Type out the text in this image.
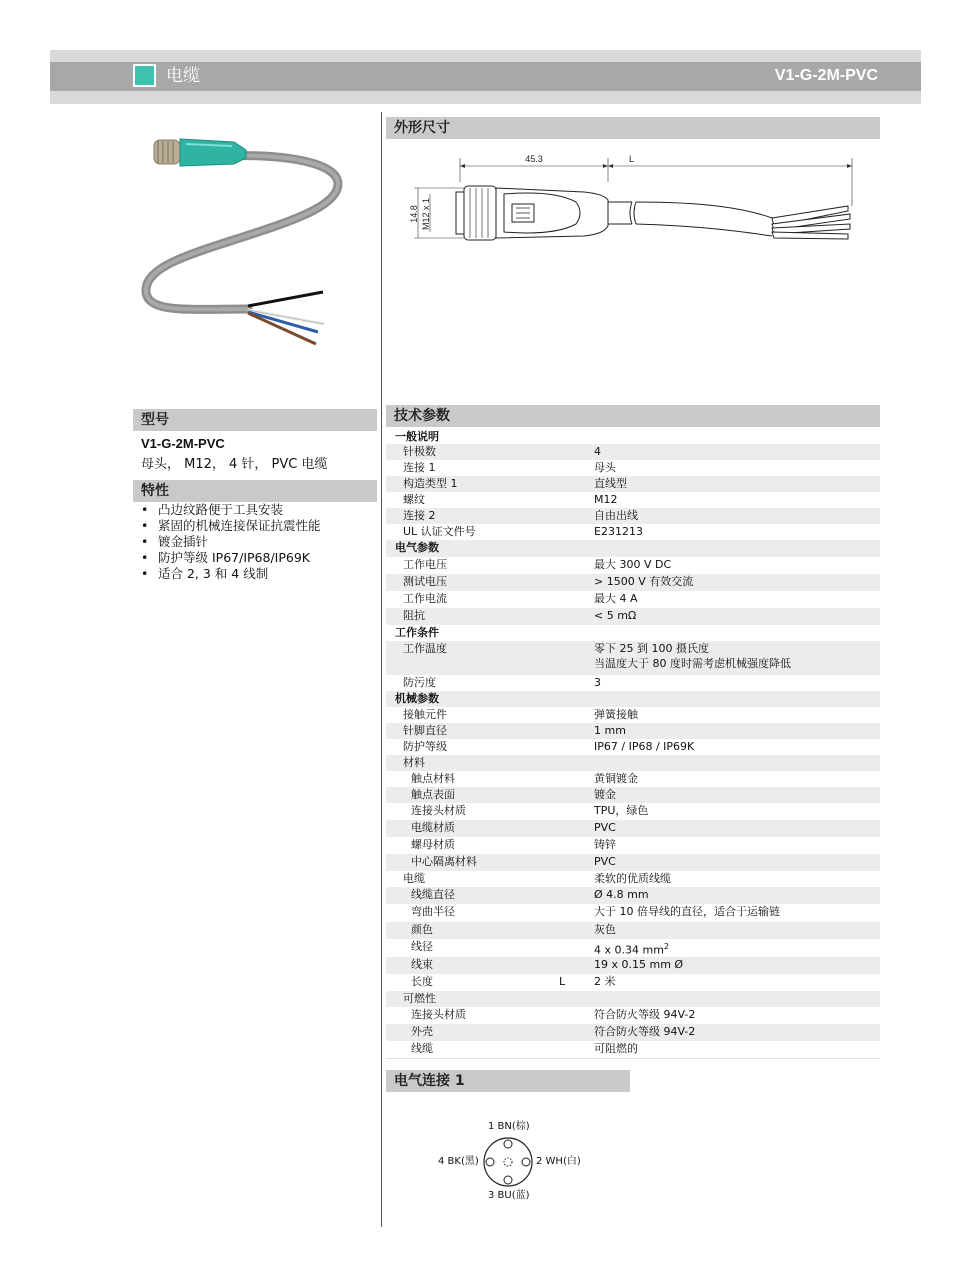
电缆	V1-G-2M-PVC
型号
V1-G-2M-PVC
母头， M12， 4 针， PVC 电缆
特性
• 凸边纹路便于工具安装
• 紧固的机械连接保证抗震性能
• 镀金插针
• 防护等级 IP67/IP68/IP69K
• 适合 2, 3 和 4 线制
外形尺寸
45.3	L
14.8 M12 x 1
技术参数
一般说明
针极数	4
连接 1	母头
构造类型 1	直线型
螺纹	M12
连接 2	自由出线
UL 认证文件号	E231213
电气参数
工作电压	最大 300 V DC
测试电压	> 1500 V 有效交流
工作电流	最大 4 A
阻抗	< 5 mΩ
工作条件
工作温度	零下 25 到 100 摄氏度
当温度大于 80 度时需考虑机械强度降低
防污度	3
机械参数
接触元件	弹簧接触
针脚直径	1 mm
防护等级	IP67 / IP68 / IP69K
材料
触点材料	黄铜镀金
触点表面	镀金
连接头材质	TPU，绿色
电缆材质	PVC
螺母材质	铸锌
中心隔离材料	PVC
电缆	柔软的优质线缆
线缆直径	Ø 4.8 mm
弯曲半径	大于 10 倍导线的直径，适合于运输链
颜色	灰色
线径	4 x 0.34 $mm^2$
线束	19 x 0.15 mm Ø
长度	L	2 米
可燃性
连接头材质	符合防火等级 94V-2
外壳	符合防火等级 94V-2
线缆	可阻燃的
电气连接 1
1 BN(棕)
2 WH(白)
3 BU(蓝)
4 BK(黑)
